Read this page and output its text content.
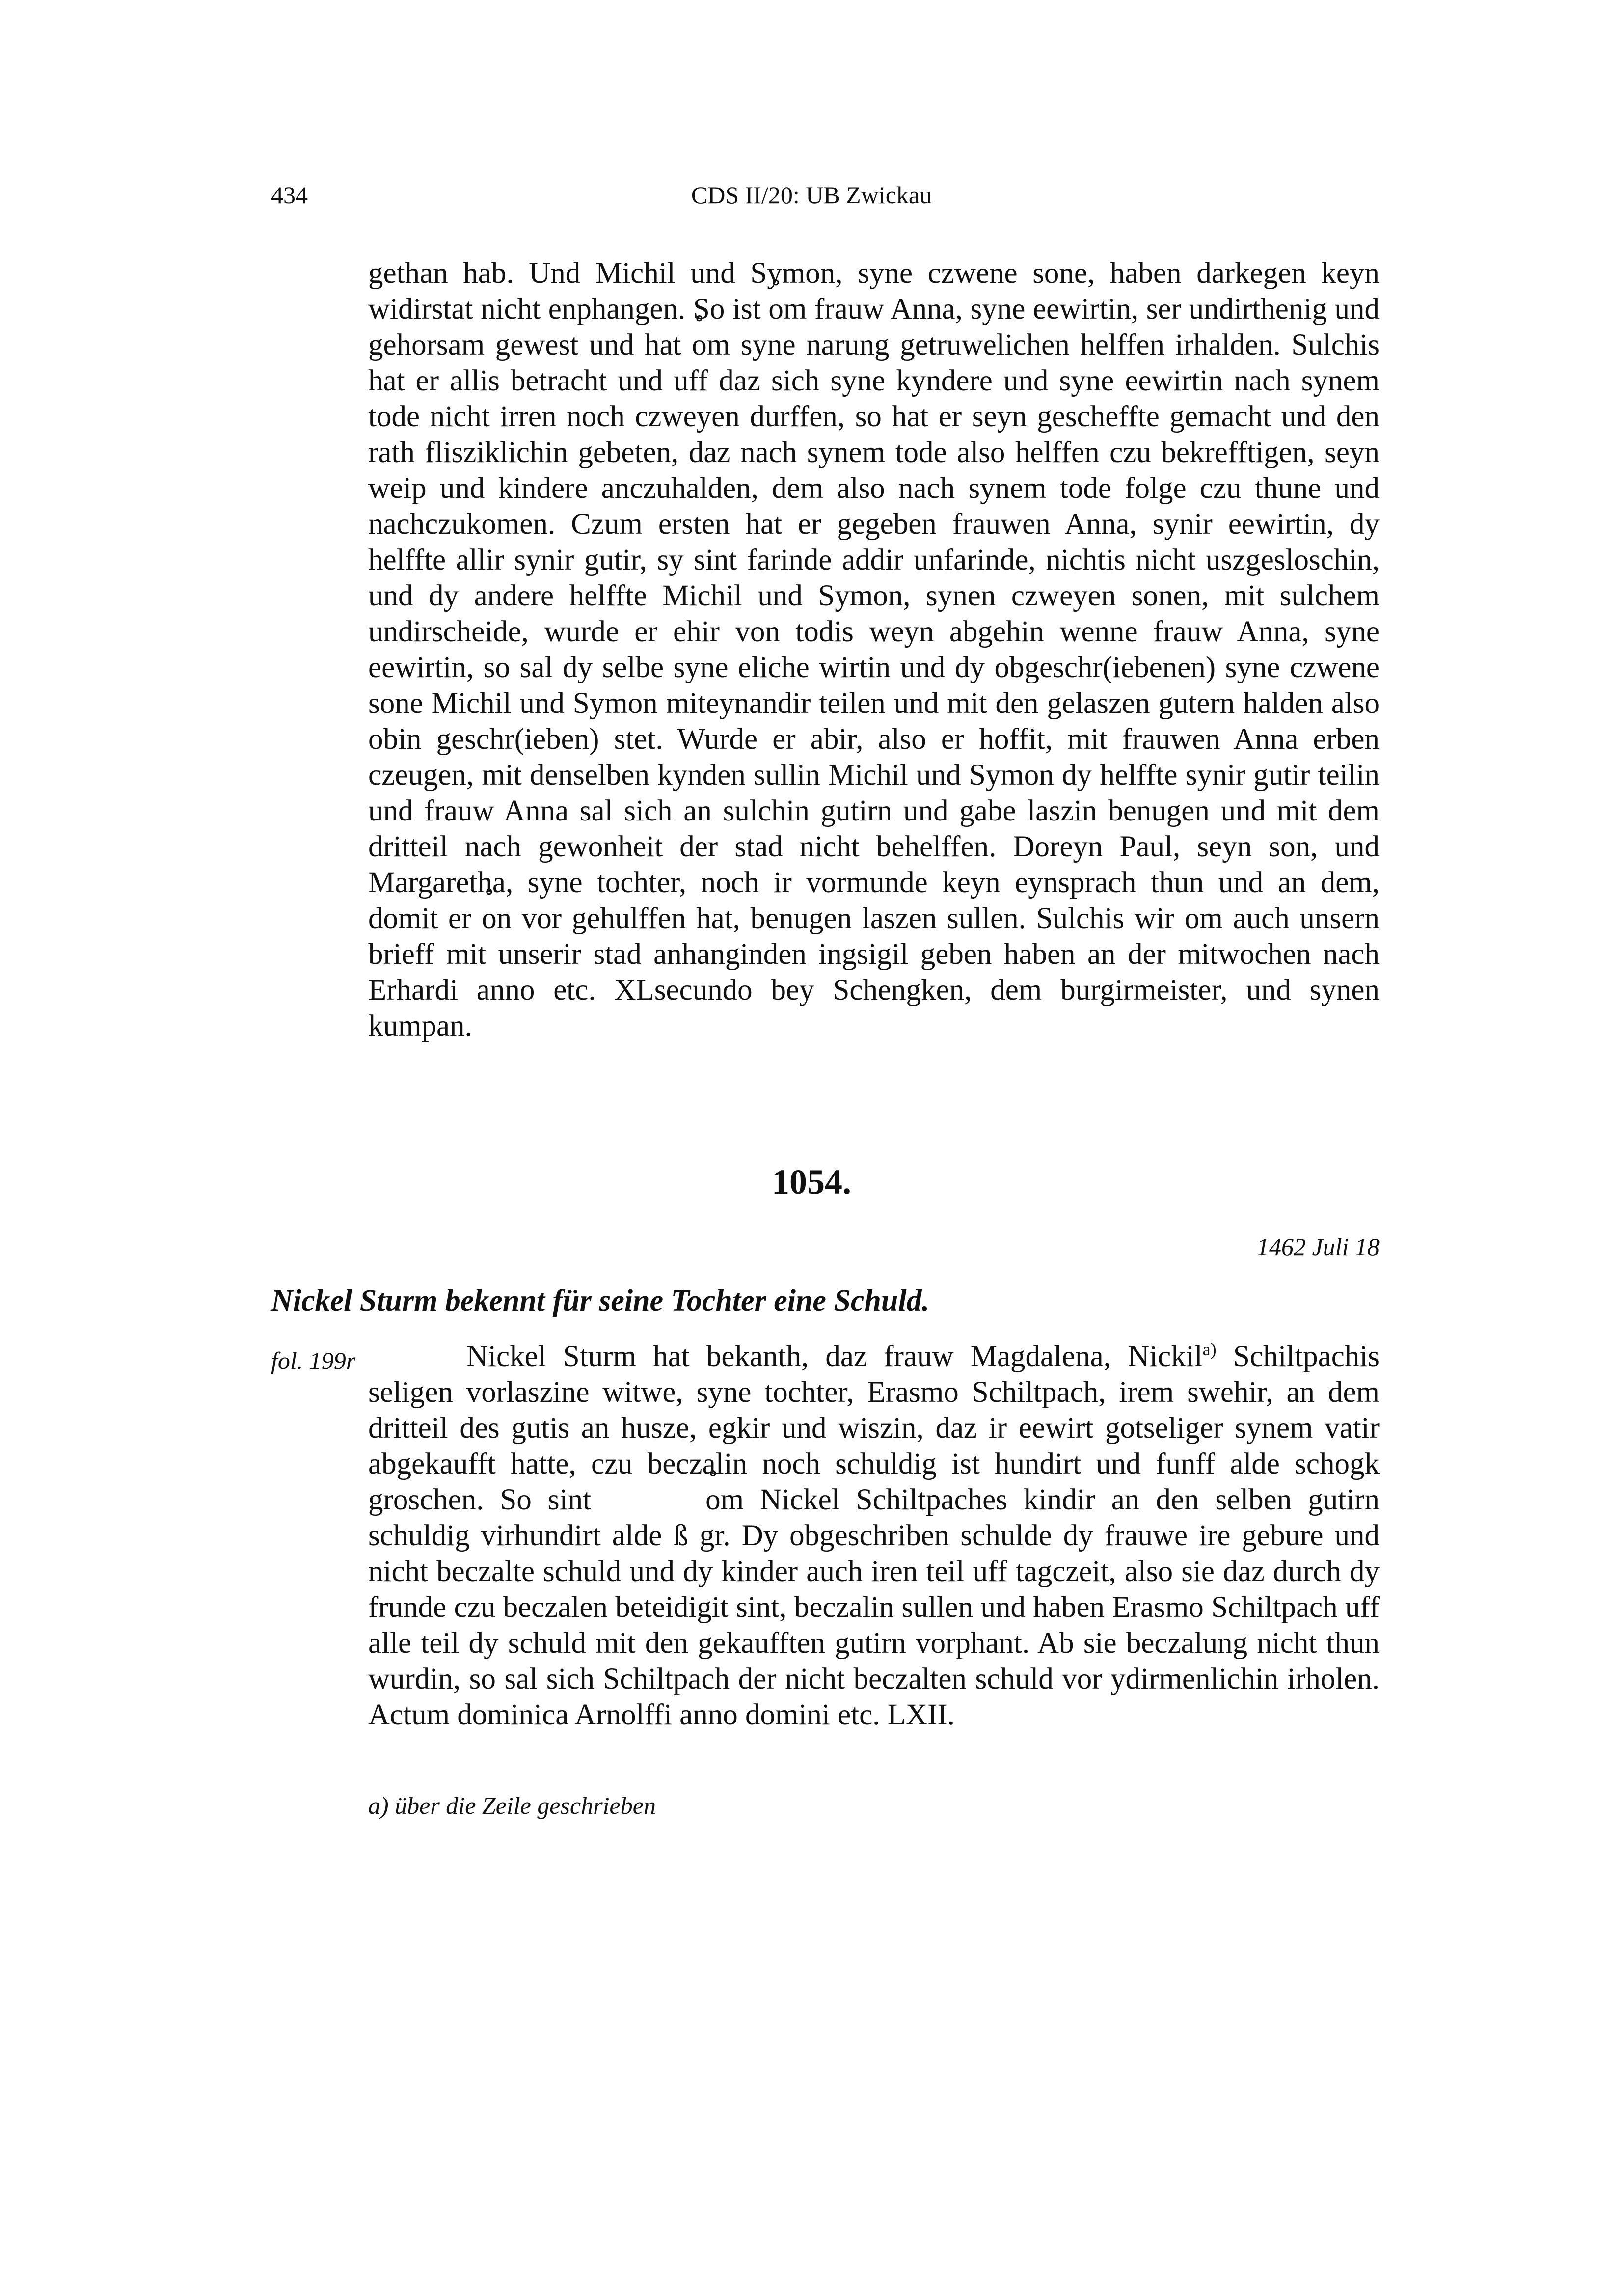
434	CDS II/20: UB Zwickau

gethan hab. Und Michil und Symon, syne czwene sone, haben darkegen keyn widirstat nicht enphangen. So ist ∘ om frauw Anna, syne eewirtin, ser undirthenig und gehorsam gewest und hat ∘ om syne narung getruwelichen helffen irhalden. Sulchis hat er allis betracht und uff daz sich syne kyndere und syne eewirtin nach synem tode nicht irren noch czweyen durffen, so hat er seyn gescheffte gemacht und den rath flisziklichin gebeten, daz nach synem tode also helffen czu bekrefftigen, seyn weip und kindere anczuhalden, dem also nach synem tode folge czu thune und nachczukomen. Czum ersten hat er gegeben frauwen Anna, synir eewirtin, dy helffte allir synir gutir, sy sint farinde addir unfarinde, nichtis nicht uszgesloschin, und dy andere helffte Michil und Symon, synen czweyen sonen, mit sulchem undirscheide, wurde er ehir von todis weyn abgehin wenne frauw Anna, syne eewirtin, so sal dy selbe syne eliche wirtin und dy obgeschr(iebenen) syne czwene sone Michil und Symon miteynandir teilen und mit den gelaszen gutern halden also obin geschr(ieben) stet. Wurde er abir, also er hoffit, mit frauwen Anna erben czeugen, mit denselben kynden sullin Michil und Symon dy helffte synir gutir teilin und frauw Anna sal sich an sulchin gutirn und gabe laszin benugen und mit dem dritteil nach gewonheit der stad nicht behelffen. Doreyn Paul, seyn son, und Margaretha, syne tochter, noch ir vormunde keyn eynsprach thun und an dem, domit er ∘ on vor gehulffen hat, benugen laszen sullen. Sulchis wir om auch unsern brieff mit unserir stad anhanginden ingsigil geben haben an der mitwochen nach Erhardi anno etc. XLsecundo bey Schengken, dem burgirmeister, und synen kumpan.

1054.
1462 Juli 18
Nickel Sturm bekennt für seine Tochter eine Schuld.
fol. 199r	Nickel Sturm hat bekanth, daz frauw Magdalena, Nickil$^{a)}$ Schiltpachis seligen vorlaszine witwe, syne tochter, Erasmo Schiltpach, irem swehir, an dem dritteil des gutis an husze, egkir und wiszin, daz ir eewirt gotseliger synem vatir abgekaufft hatte, czu beczalin noch schuldig ist hundirt und funff alde schogk groschen. So sint ∘	om Nickel Schiltpaches kindir an den selben gutirn schuldig virhundirt alde ß gr. Dy obgeschriben schulde dy frauwe ire gebure und nicht beczalte schuld und dy kinder auch iren teil uff tagczeit, also sie daz durch dy frunde czu beczalen beteidigit sint, beczalin sullen und haben Erasmo Schiltpach uff alle teil dy schuld mit den gekaufften gutirn vorphant. Ab sie beczalung nicht thun wurdin, so sal sich Schiltpach der nicht beczalten schuld vor ydirmenlichin irholen. Actum dominica Arnolffi anno domini etc. LXII.

a) über die Zeile geschrieben
